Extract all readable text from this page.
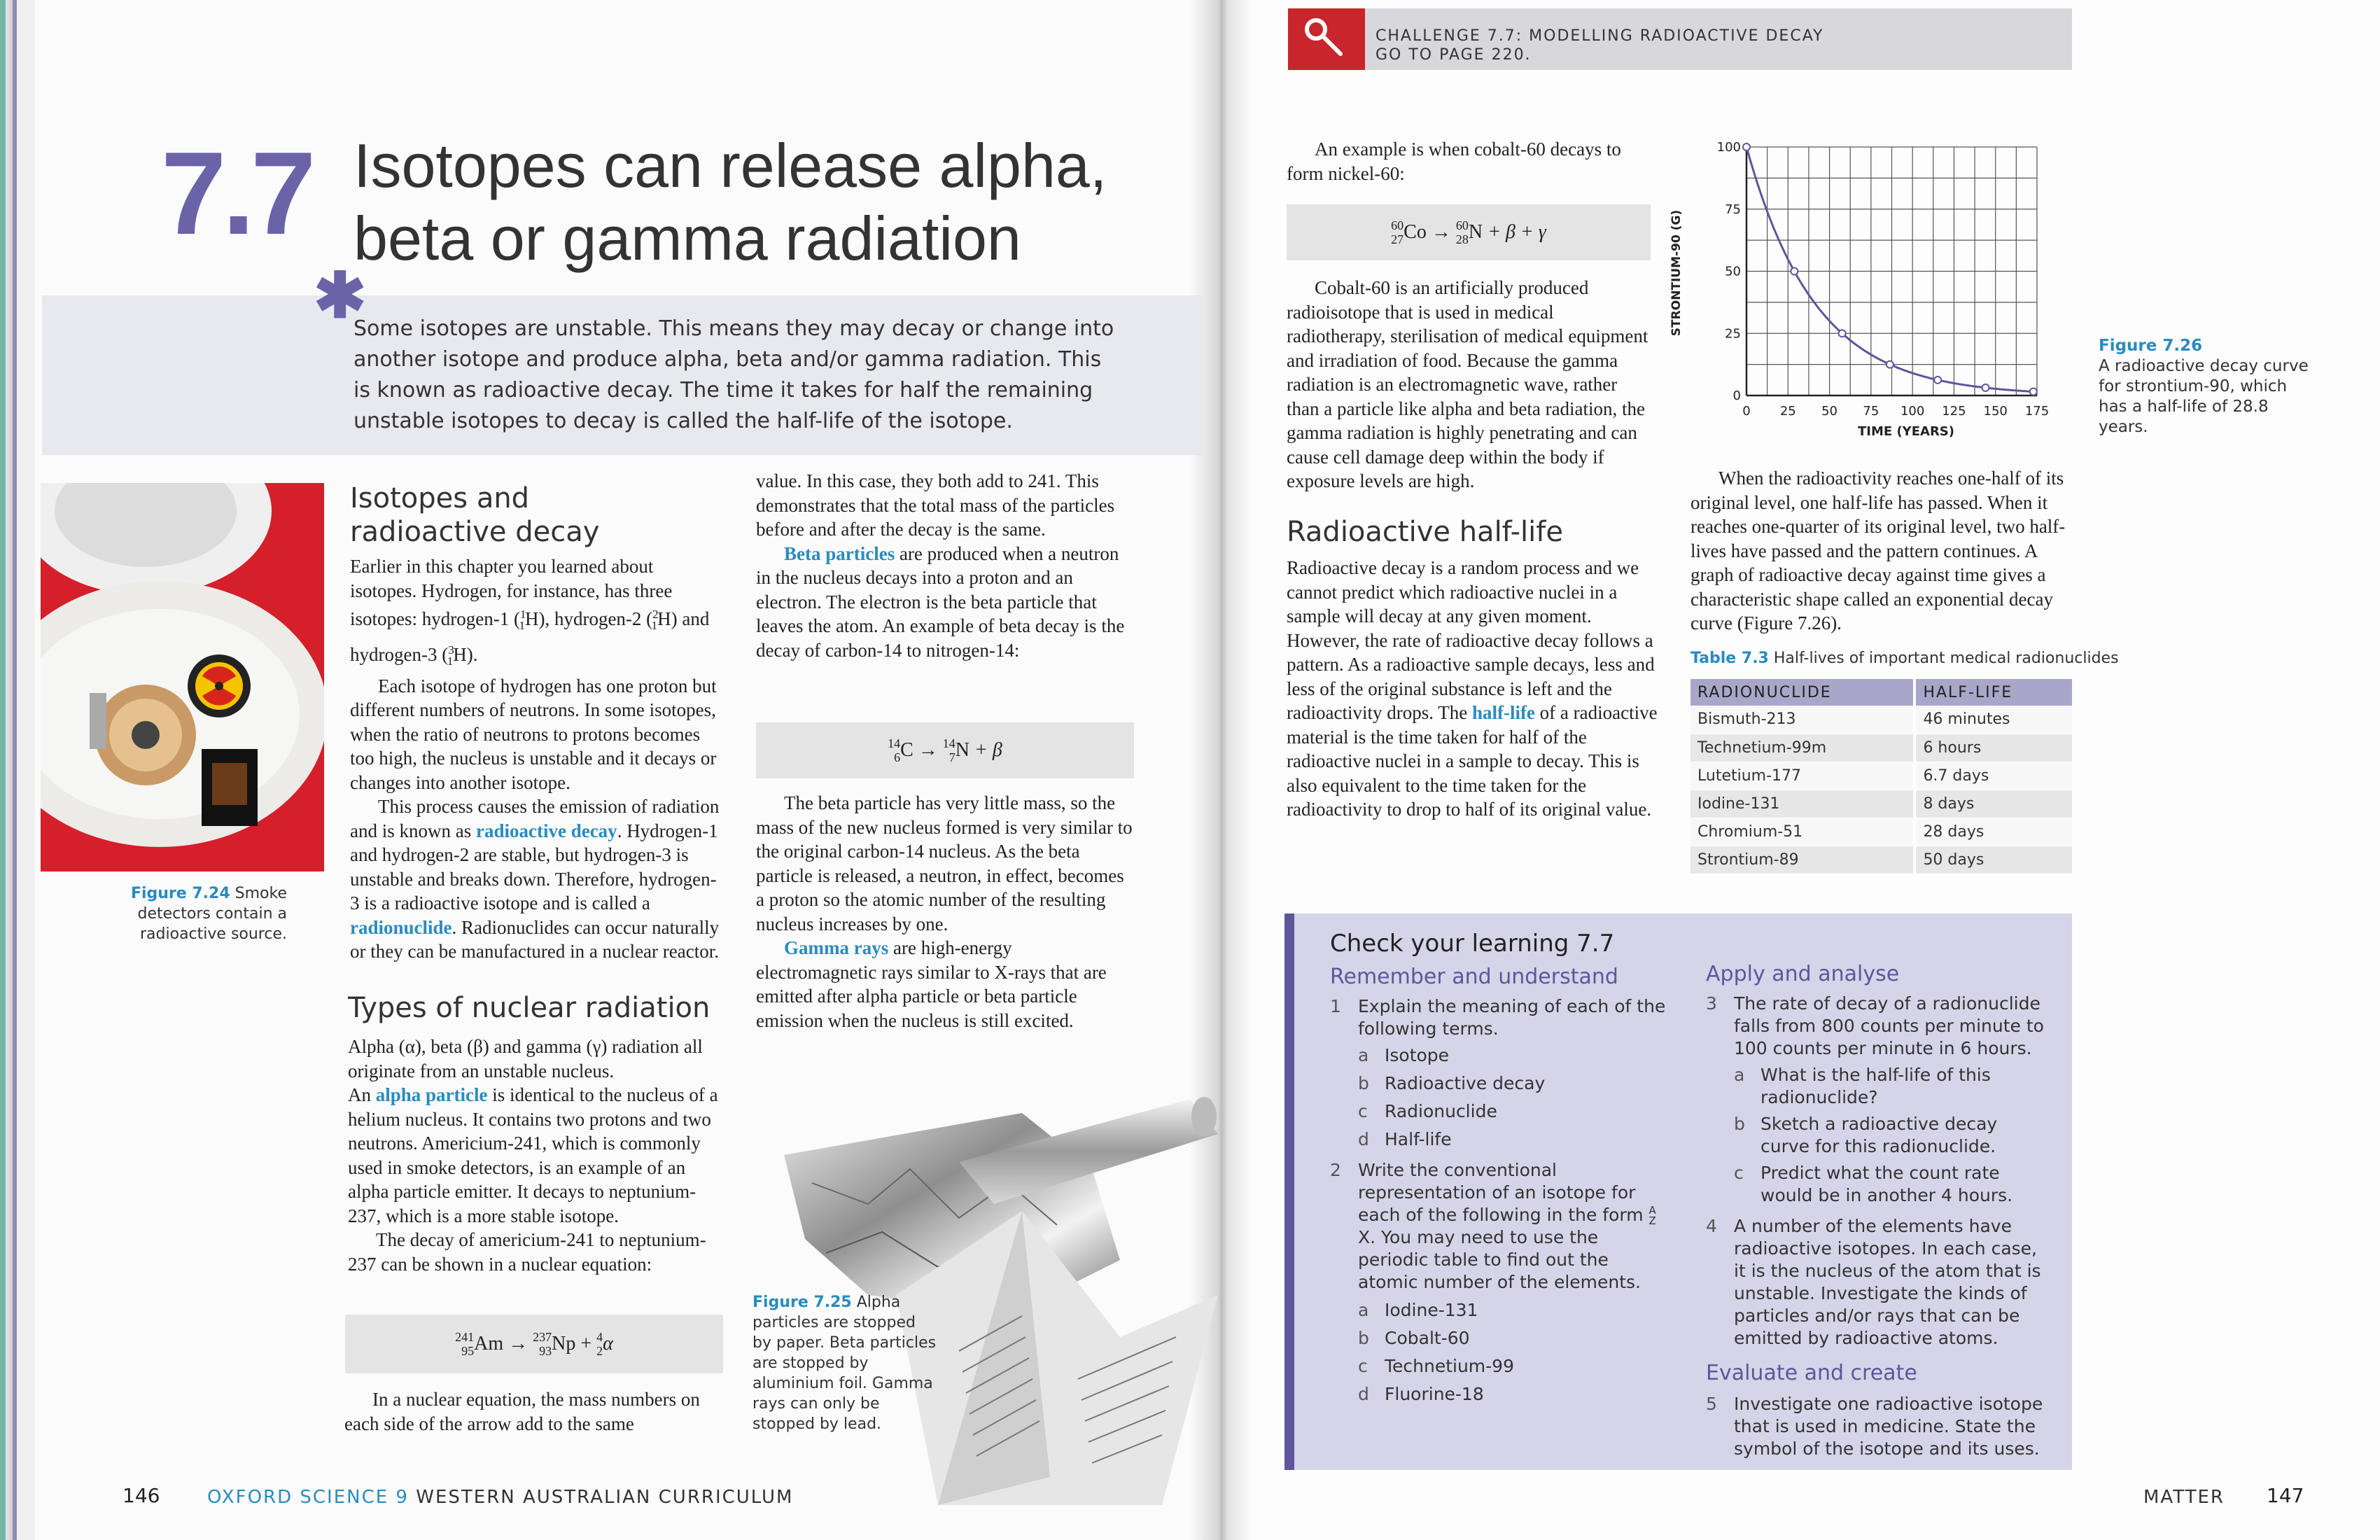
7.7 Isotopes can release alpha,
beta or gamma radiation
✱
Some isotopes are unstable. This means they may decay or change into
another isotope and produce alpha, beta and/or gamma radiation. This
is known as radioactive decay. The time it takes for half the remaining
unstable isotopes to decay is called the half-life of the isotope.
Figure 7.24 Smoke detectors contain a radioactive source.
Isotopes and
radioactive decay
Earlier in this chapter you learned about isotopes. Hydrogen, for instance, has three isotopes: hydrogen-1 ($^1_1$H), hydrogen-2 ($^2_1$H) and hydrogen-3 ($^3_1$H).
Each isotope of hydrogen has one proton but different numbers of neutrons. In some isotopes, when the ratio of neutrons to protons becomes too high, the nucleus is unstable and it decays or changes into another isotope.
This process causes the emission of radiation and is known as radioactive decay. Hydrogen-1 and hydrogen-2 are stable, but hydrogen-3 is unstable and breaks down. Therefore, hydrogen-3 is a radioactive isotope and is called a radionuclide. Radionuclides can occur naturally or they can be manufactured in a nuclear reactor.
Types of nuclear radiation
Alpha (α), beta (β) and gamma (γ) radiation all originate from an unstable nucleus.
An alpha particle is identical to the nucleus of a helium nucleus. It contains two protons and two neutrons. Americium-241, which is commonly used in smoke detectors, is an example of an alpha particle emitter. It decays to neptunium-237, which is a more stable isotope.
The decay of americium-241 to neptunium-237 can be shown in a nuclear equation:
241
95 Am
→
237
93 Np
+
4
2 α
In a nuclear equation, the mass numbers on each side of the arrow add to the same
value. In this case, they both add to 241. This demonstrates that the total mass of the particles before and after the decay is the same.
Beta particles are produced when a neutron in the nucleus decays into a proton and an electron. The electron is the beta particle that leaves the atom. An example of beta decay is the decay of carbon-14 to nitrogen-14:
14
6 C
→
14
7 N
+ β
The beta particle has very little mass, so the mass of the new nucleus formed is very similar to the original carbon-14 nucleus. As the beta particle is released, a neutron, in effect, becomes a proton so the atomic number of the resulting nucleus increases by one.
Gamma rays are high-energy electromagnetic rays similar to X-rays that are emitted after alpha particle or beta particle emission when the nucleus is still excited.
Figure 7.25 Alpha particles are stopped by paper. Beta particles are stopped by aluminium foil. Gamma rays can only be stopped by lead.
146	OXFORD SCIENCE 9 WESTERN AUSTRALIAN CURRICULUM
CHALLENGE 7.7: MODELLING RADIOACTIVE DECAY
GO TO PAGE 220.
An example is when cobalt-60 decays to form nickel-60:
60
27 Co
→
60
28 N
+ β + γ
Cobalt-60 is an artificially produced radioisotope that is used in medical radiotherapy, sterilisation of medical equipment and irradiation of food. Because the gamma radiation is an electromagnetic wave, rather than a particle like alpha and beta radiation, the gamma radiation is highly penetrating and can cause cell damage deep within the body if exposure levels are high.
Radioactive half-life
Radioactive decay is a random process and we cannot predict which radioactive nuclei in a sample will decay at any given moment. However, the rate of radioactive decay follows a pattern. As a radioactive sample decays, less and less of the original substance is left and the radioactivity drops. The half-life of a radioactive material is the time taken for half of the radioactive nuclei in a sample to decay. This is also equivalent to the time taken for the radioactivity to drop to half of its original value.
0 25 50 75 100 125 150 175
0
25
50
75
100
TIME (YEARS)
STRONTIUM-90 (G)
Figure 7.26
A radioactive decay curve for strontium-90, which has a half-life of 28.8 years.
When the radioactivity reaches one-half of its original level, one half-life has passed. When it reaches one-quarter of its original level, two half-lives have passed and the pattern continues. A graph of radioactive decay against time gives a characteristic shape called an exponential decay curve (Figure 7.26).
Table 7.3 Half-lives of important medical radionuclides
RADIONUCLIDE	HALF-LIFE
Bismuth-213	46 minutes
Technetium-99m	6 hours
Lutetium-177	6.7 days
Iodine-131	8 days
Chromium-51	28 days
Strontium-89	50 days
Check your learning 7.7
Remember and understand
1 Explain the meaning of each of the following terms.
a Isotope
b Radioactive decay
c Radionuclide
d Half-life
2 Write the conventional representation of an isotope for each of the following in the form A
Z
X. You may need to use the periodic table to find out the atomic number of the elements.
a Iodine-131
b Cobalt-60
c Technetium-99
d Fluorine-18
Apply and analyse
3 The rate of decay of a radionuclide falls from 800 counts per minute to 100 counts per minute in 6 hours.
a What is the half-life of this radionuclide?
b Sketch a radioactive decay curve for this radionuclide.
c Predict what the count rate would be in another 4 hours.
4 A number of the elements have radioactive isotopes. In each case, it is the nucleus of the atom that is unstable. Investigate the kinds of particles and/or rays that can be emitted by radioactive atoms.
Evaluate and create
5 Investigate one radioactive isotope that is used in medicine. State the symbol of the isotope and its uses.
MATTER 147
